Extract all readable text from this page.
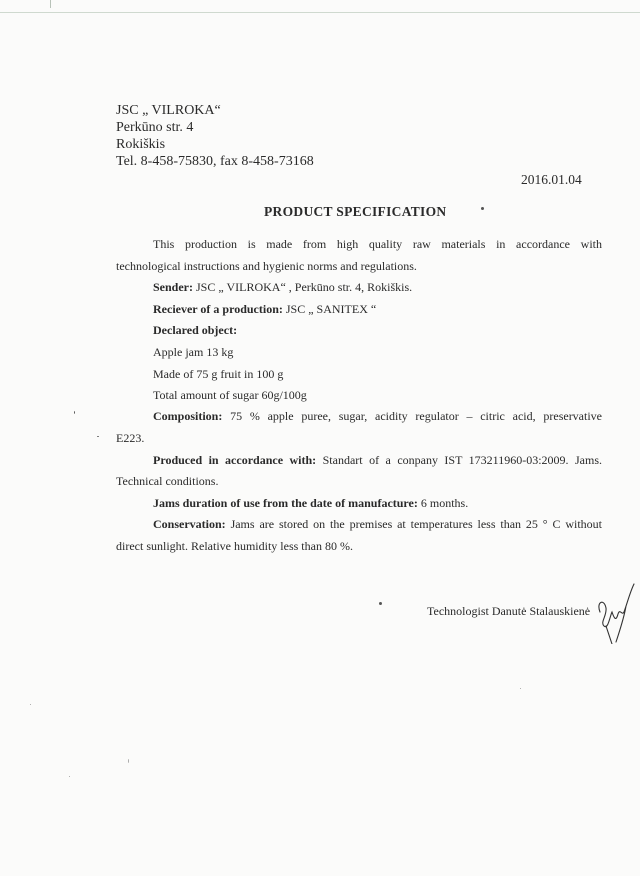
JSC „ VILROKA“
Perkūno str. 4
Rokiškis
Tel. 8-458-75830, fax 8-458-73168
2016.01.04
PRODUCT SPECIFICATION
This production is made from high quality raw materials in accordance with
technological instructions and hygienic norms and regulations.
Sender: JSC „ VILROKA“ , Perkūno str. 4, Rokiškis.
Reciever of a production: JSC „ SANITEX “
Declared object:
Apple jam 13 kg
Made of 75 g fruit in 100 g
Total amount of sugar 60g/100g
Composition: 75 % apple puree, sugar, acidity regulator – citric acid, preservative
E223.
Produced in accordance with: Standart of a conpany IST 173211960-03:2009. Jams.
Technical conditions.
Jams duration of use from the date of manufacture: 6 months.
Conservation: Jams are stored on the premises at temperatures less than 25 ° C without
direct sunlight. Relative humidity less than 80 %.
Technologist Danutė Stalauskienė
